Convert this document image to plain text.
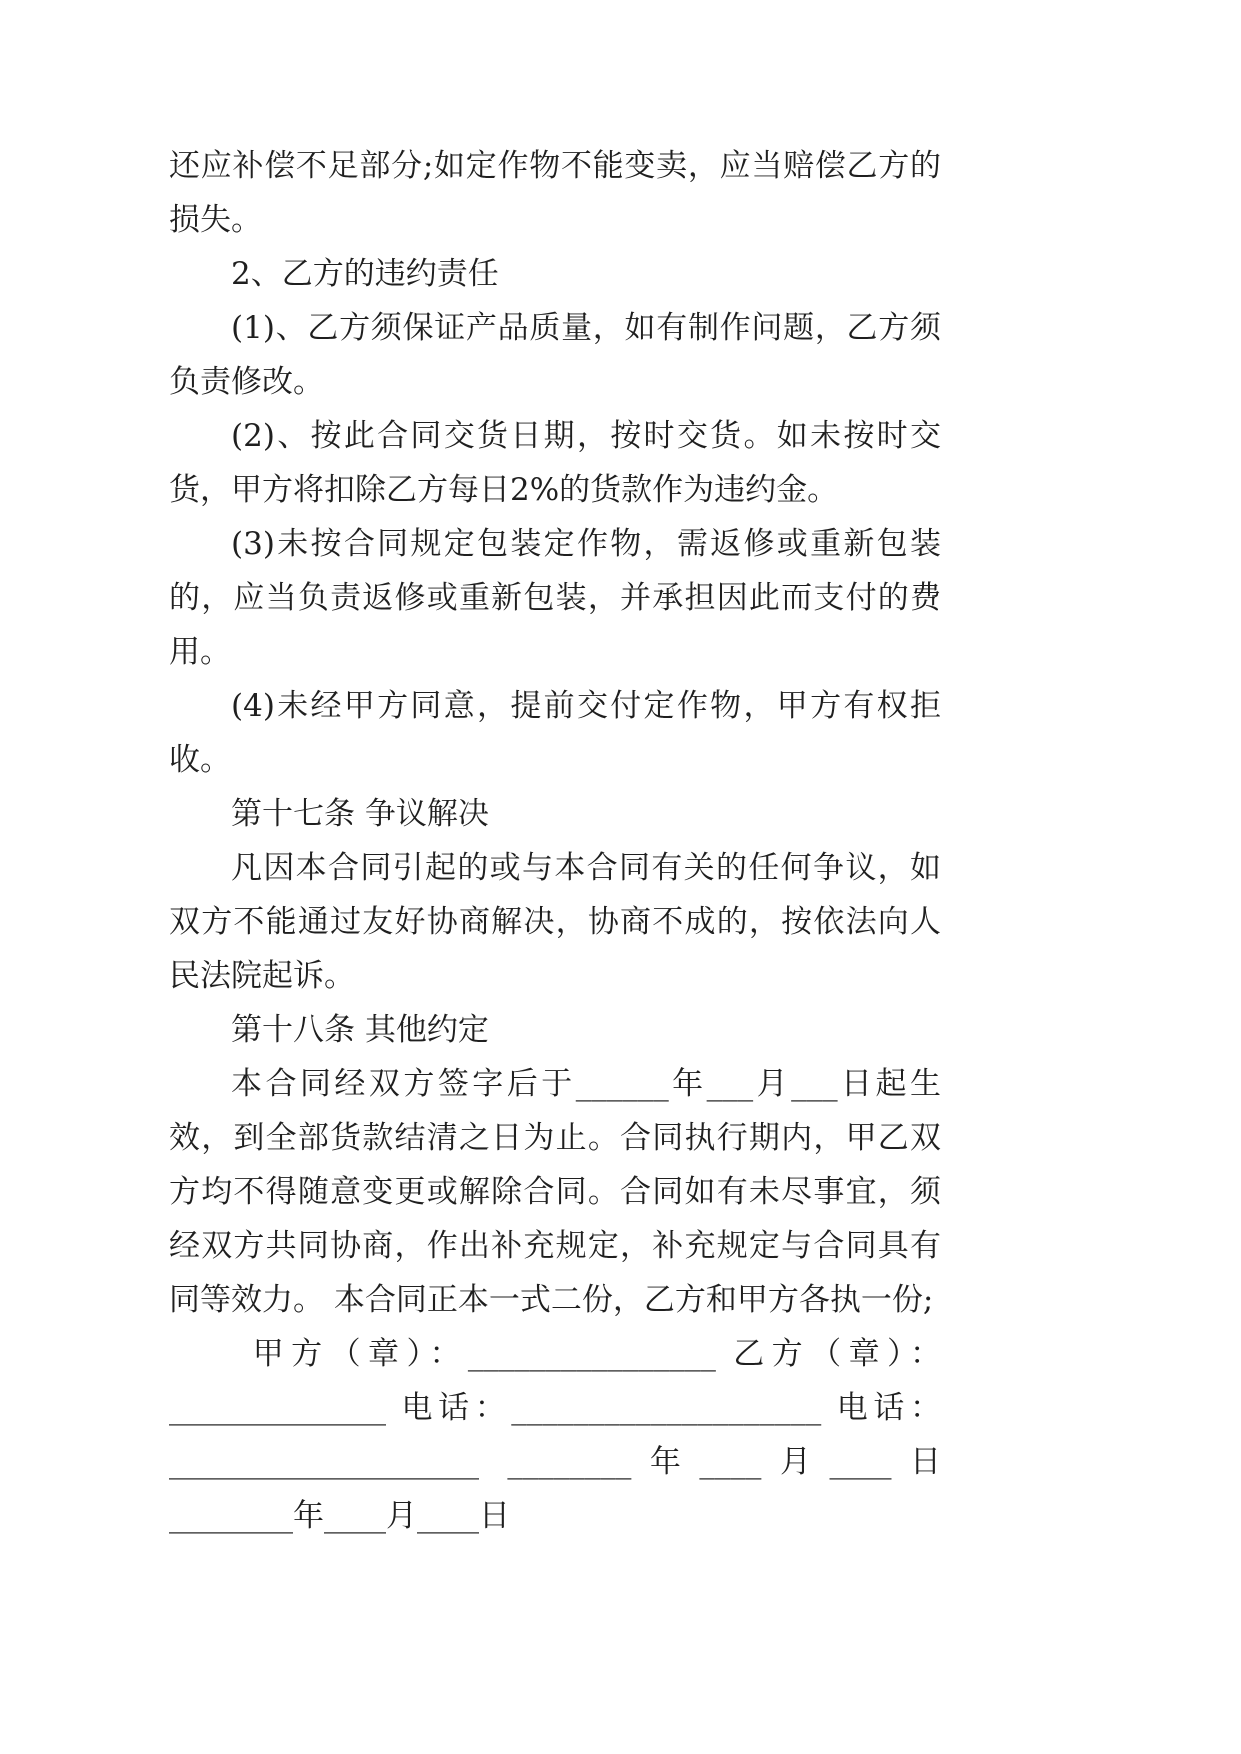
还应补偿不足部分;如定作物不能变卖，应当赔偿乙方的损失。

2、乙方的违约责任

(1)、乙方须保证产品质量，如有制作问题，乙方须负责修改。

(2)、按此合同交货日期，按时交货。如未按时交货，甲方将扣除乙方每日2%的货款作为违约金。

(3)未按合同规定包装定作物，需返修或重新包装的，应当负责返修或重新包装，并承担因此而支付的费用。

(4)未经甲方同意，提前交付定作物，甲方有权拒收。

第十七条 争议解决

凡因本合同引起的或与本合同有关的任何争议，如双方不能通过友好协商解决，协商不成的，按依法向人民法院起诉。

第十八条 其他约定

本合同经双方签字后于______年___月___日起生效，到全部货款结清之日为止。合同执行期内，甲乙双方均不得随意变更或解除合同。合同如有未尽事宜，须经双方共同协商，作出补充规定，补充规定与合同具有同等效力。 本合同正本一式二份，乙方和甲方各执一份;

甲方（章）：________________ 乙方（章）：______________ 电话：____________________ 电话：____________________ ________年____月____日 ________年____月____日
